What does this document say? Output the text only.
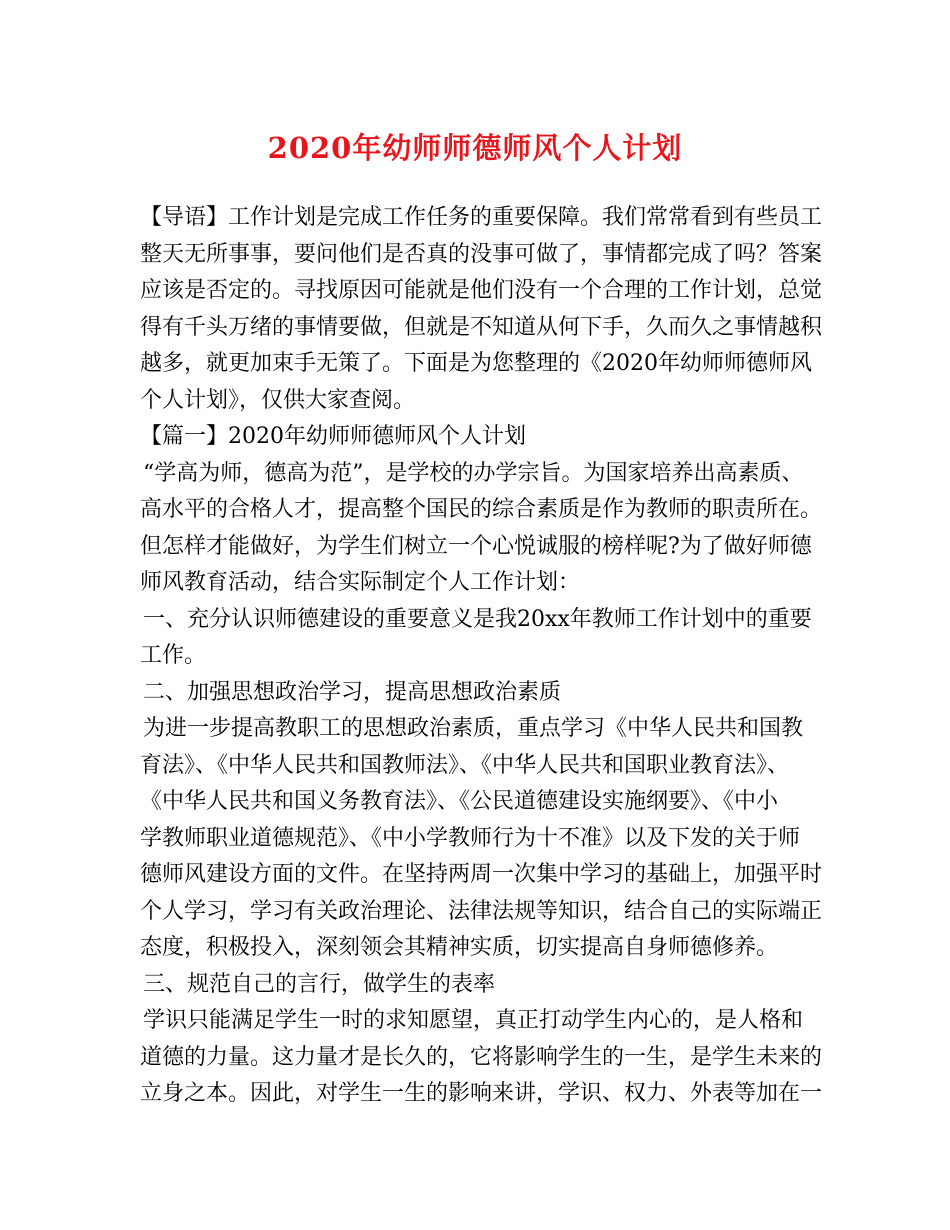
2020年幼师师德师风个人计划
【导语】工作计划是完成工作任务的重要保障。我们常常看到有些员工
整天无所事事，要问他们是否真的没事可做了，事情都完成了吗？答案
应该是否定的。寻找原因可能就是他们没有一个合理的工作计划，总觉
得有千头万绪的事情要做，但就是不知道从何下手，久而久之事情越积
越多，就更加束手无策了。下面是为您整理的《2020年幼师师德师风
个人计划》，仅供大家查阅。
【篇一】2020年幼师师德师风个人计划
“学高为师，德高为范”，是学校的办学宗旨。为国家培养出高素质、
高水平的合格人才，提高整个国民的综合素质是作为教师的职责所在。
但怎样才能做好，为学生们树立一个心悦诚服的榜样呢?为了做好师德
师风教育活动，结合实际制定个人工作计划：
一、充分认识师德建设的重要意义是我20xx年教师工作计划中的重要
工作。
二、加强思想政治学习，提高思想政治素质
为进一步提高教职工的思想政治素质，重点学习《中华人民共和国教
育法》、《中华人民共和国教师法》、《中华人民共和国职业教育法》、
《中华人民共和国义务教育法》、《公民道德建设实施纲要》、《中小
学教师职业道德规范》、《中小学教师行为十不准》以及下发的关于师
德师风建设方面的文件。在坚持两周一次集中学习的基础上，加强平时
个人学习，学习有关政治理论、法律法规等知识，结合自己的实际端正
态度，积极投入，深刻领会其精神实质，切实提高自身师德修养。
三、规范自己的言行，做学生的表率
学识只能满足学生一时的求知愿望，真正打动学生内心的，是人格和
道德的力量。这力量才是长久的，它将影响学生的一生，是学生未来的
立身之本。因此，对学生一生的影响来讲，学识、权力、外表等加在一
